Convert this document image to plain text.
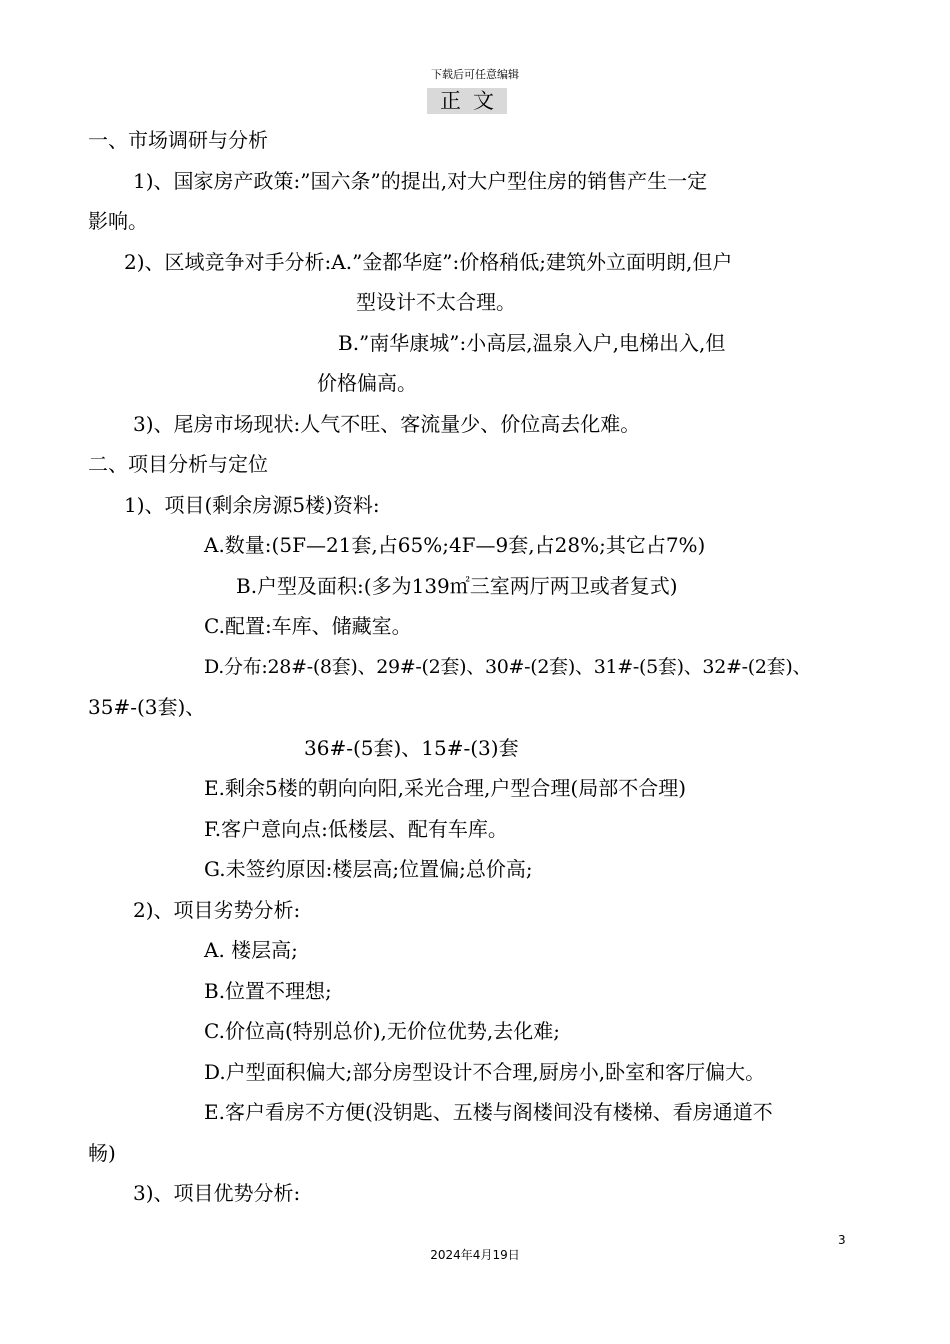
下载后可任意编辑
正文
一、市场调研与分析
1)、国家房产政策:”国六条”的提出,对大户型住房的销售产生一定
影响。
2)、区域竞争对手分析:A.”金都华庭”:价格稍低;建筑外立面明朗,但户
型设计不太合理。
B.”南华康城”:小高层,温泉入户,电梯出入,但
价格偏高。
3)、尾房市场现状:人气不旺、客流量少、价位高去化难。
二、项目分析与定位
1)、项目(剩余房源5楼)资料:
A.数量:(5F—21套,占65%;4F—9套,占28%;其它占7%)
B.户型及面积:(多为139㎡三室两厅两卫或者复式)
C.配置:车库、储藏室。
D.分布:28#-(8套)、29#-(2套)、30#-(2套)、31#-(5套)、32#-(2套)、
35#-(3套)、
36#-(5套)、15#-(3)套
E.剩余5楼的朝向向阳,采光合理,户型合理(局部不合理)
F.客户意向点:低楼层、配有车库。
G.未签约原因:楼层高;位置偏;总价高;
2)、项目劣势分析:
A. 楼层高;
B.位置不理想;
C.价位高(特别总价),无价位优势,去化难;
D.户型面积偏大;部分房型设计不合理,厨房小,卧室和客厅偏大。
E.客户看房不方便(没钥匙、五楼与阁楼间没有楼梯、看房通道不
畅)
3)、项目优势分析:
3
2024年4月19日
